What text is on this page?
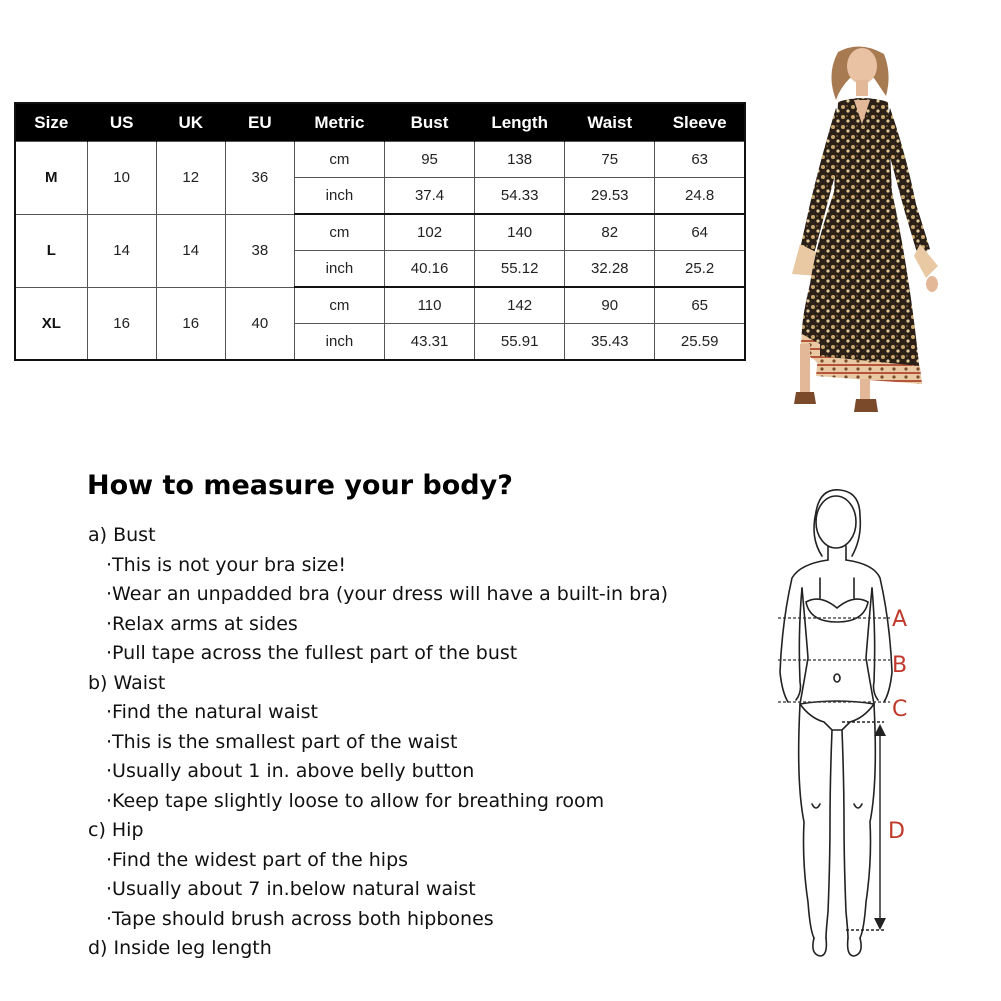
Size	US	UK	EU	Metric	Bust	Length	Waist	Sleeve
M	10	12	36	cm	95	138	75	63
				inch	37.4	54.33	29.53	24.8
L	14	14	38	cm	102	140	82	64
				inch	40.16	55.12	32.28	25.2
XL	16	16	40	cm	110	142	90	65
				inch	43.31	55.91	35.43	25.59
How to measure your body?
a) Bust
·This is not your bra size!
·Wear an unpadded bra (your dress will have a built-in bra)
·Relax arms at sides
·Pull tape across the fullest part of the bust
b) Waist
·Find the natural waist
·This is the smallest part of the waist
·Usually about 1 in. above belly button
·Keep tape slightly loose to allow for breathing room
c) Hip
·Find the widest part of the hips
·Usually about 7 in.below natural waist
·Tape should brush across both hipbones
d) Inside leg length
A
B
C
D
